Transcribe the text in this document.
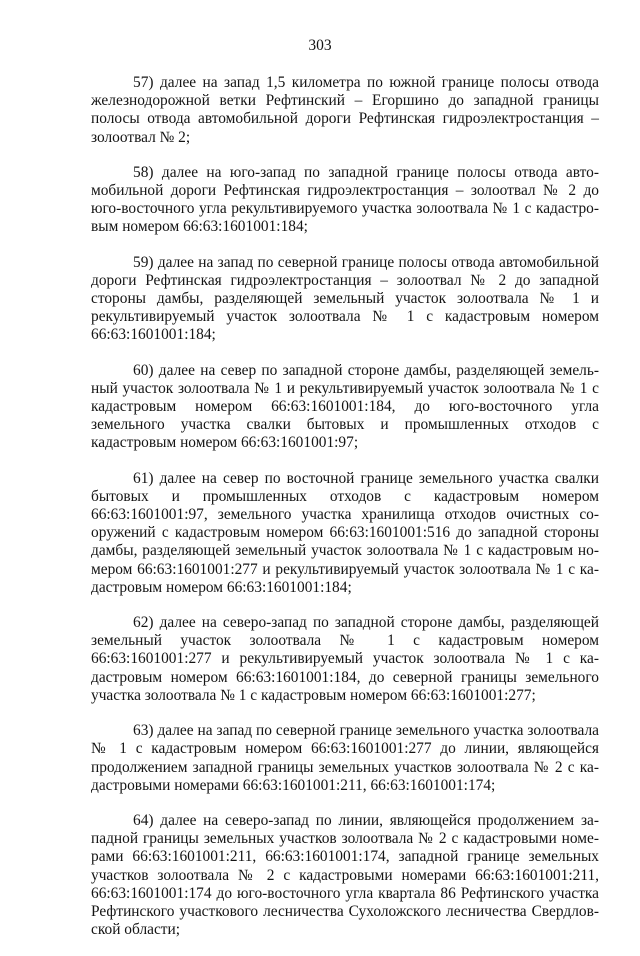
303

57) далее на запад 1,5 километра по южной границе полосы отвода железнодорожной ветки Рефтинский – Егоршино до западной границы полосы отвода автомобильной дороги Рефтинская гидроэлектростанция – золоотвал № 2;

58) далее на юго-запад по западной границе полосы отвода автомобильной дороги Рефтинская гидроэлектростанция – золоотвал № 2 до юго-восточного угла рекультивируемого участка золоотвала № 1 с кадастровым номером 66:63:1601001:184;

59) далее на запад по северной границе полосы отвода автомобильной дороги Рефтинская гидроэлектростанция – золоотвал № 2 до западной стороны дамбы, разделяющей земельный участок золоотвала № 1 и рекультивируемый участок золоотвала № 1 с кадастровым номером 66:63:1601001:184;

60) далее на север по западной стороне дамбы, разделяющей земельный участок золоотвала № 1 и рекультивируемый участок золоотвала № 1 с кадастровым номером 66:63:1601001:184, до юго-восточного угла земельного участка свалки бытовых и промышленных отходов с кадастровым номером 66:63:1601001:97;

61) далее на север по восточной границе земельного участка свалки бытовых и промышленных отходов с кадастровым номером 66:63:1601001:97, земельного участка хранилища отходов очистных сооружений с кадастровым номером 66:63:1601001:516 до западной стороны дамбы, разделяющей земельный участок золоотвала № 1 с кадастровым номером 66:63:1601001:277 и рекультивируемый участок золоотвала № 1 с кадастровым номером 66:63:1601001:184;

62) далее на северо-запад по западной стороне дамбы, разделяющей земельный участок золоотвала № 1 с кадастровым номером 66:63:1601001:277 и рекультивируемый участок золоотвала № 1 с кадастровым номером 66:63:1601001:184, до северной границы земельного участка золоотвала № 1 с кадастровым номером 66:63:1601001:277;

63) далее на запад по северной границе земельного участка золоотвала № 1 с кадастровым номером 66:63:1601001:277 до линии, являющейся продолжением западной границы земельных участков золоотвала № 2 с кадастровыми номерами 66:63:1601001:211, 66:63:1601001:174;

64) далее на северо-запад по линии, являющейся продолжением западной границы земельных участков золоотвала № 2 с кадастровыми номерами 66:63:1601001:211, 66:63:1601001:174, западной границе земельных участков золоотвала № 2 с кадастровыми номерами 66:63:1601001:211, 66:63:1601001:174 до юго-восточного угла квартала 86 Рефтинского участка Рефтинского участкового лесничества Сухоложского лесничества Свердловской области;
